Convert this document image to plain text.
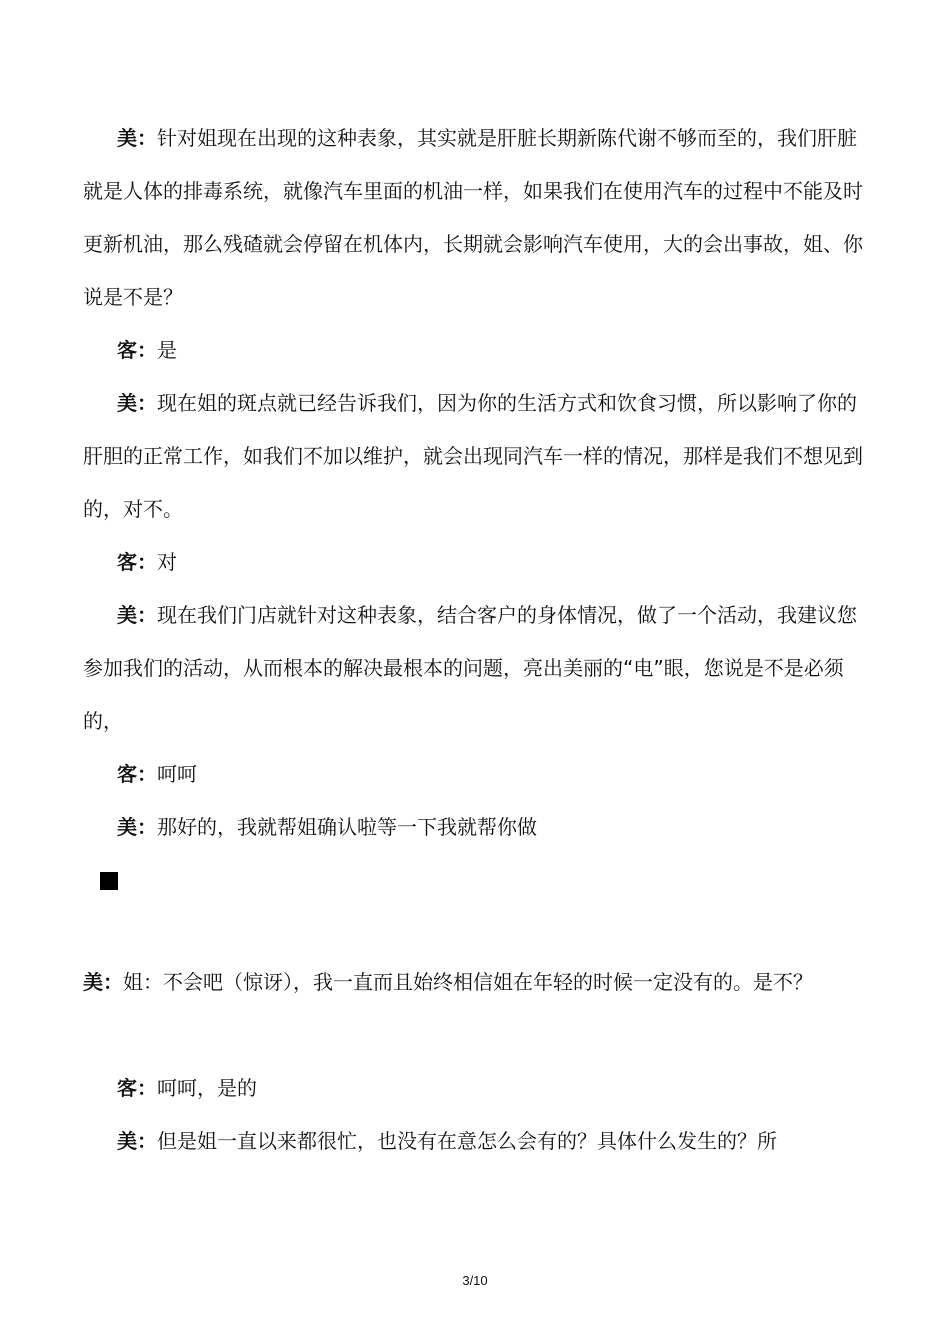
美：针对姐现在出现的这种表象，其实就是肝脏长期新陈代谢不够而至的，我们肝脏就是人体的排毒系统，就像汽车里面的机油一样，如果我们在使用汽车的过程中不能及时更新机油，那么残碴就会停留在机体内，长期就会影响汽车使用，大的会出事故，姐、你说是不是？

客：是

美：现在姐的斑点就已经告诉我们，因为你的生活方式和饮食习惯，所以影响了你的肝胆的正常工作，如我们不加以维护，就会出现同汽车一样的情况，那样是我们不想见到的，对不。

客：对

美：现在我们门店就针对这种表象，结合客户的身体情况，做了一个活动，我建议您参加我们的活动，从而根本的解决最根本的问题，亮出美丽的“电”眼，您说是不是必须的，

客：呵呵

美：那好的，我就帮姐确认啦等一下我就帮你做

美：姐：不会吧（惊讶），我一直而且始终相信姐在年轻的时候一定没有的。是不？

客：呵呵，是的

美：但是姐一直以来都很忙，也没有在意怎么会有的？具体什么发生的？所

3/10
